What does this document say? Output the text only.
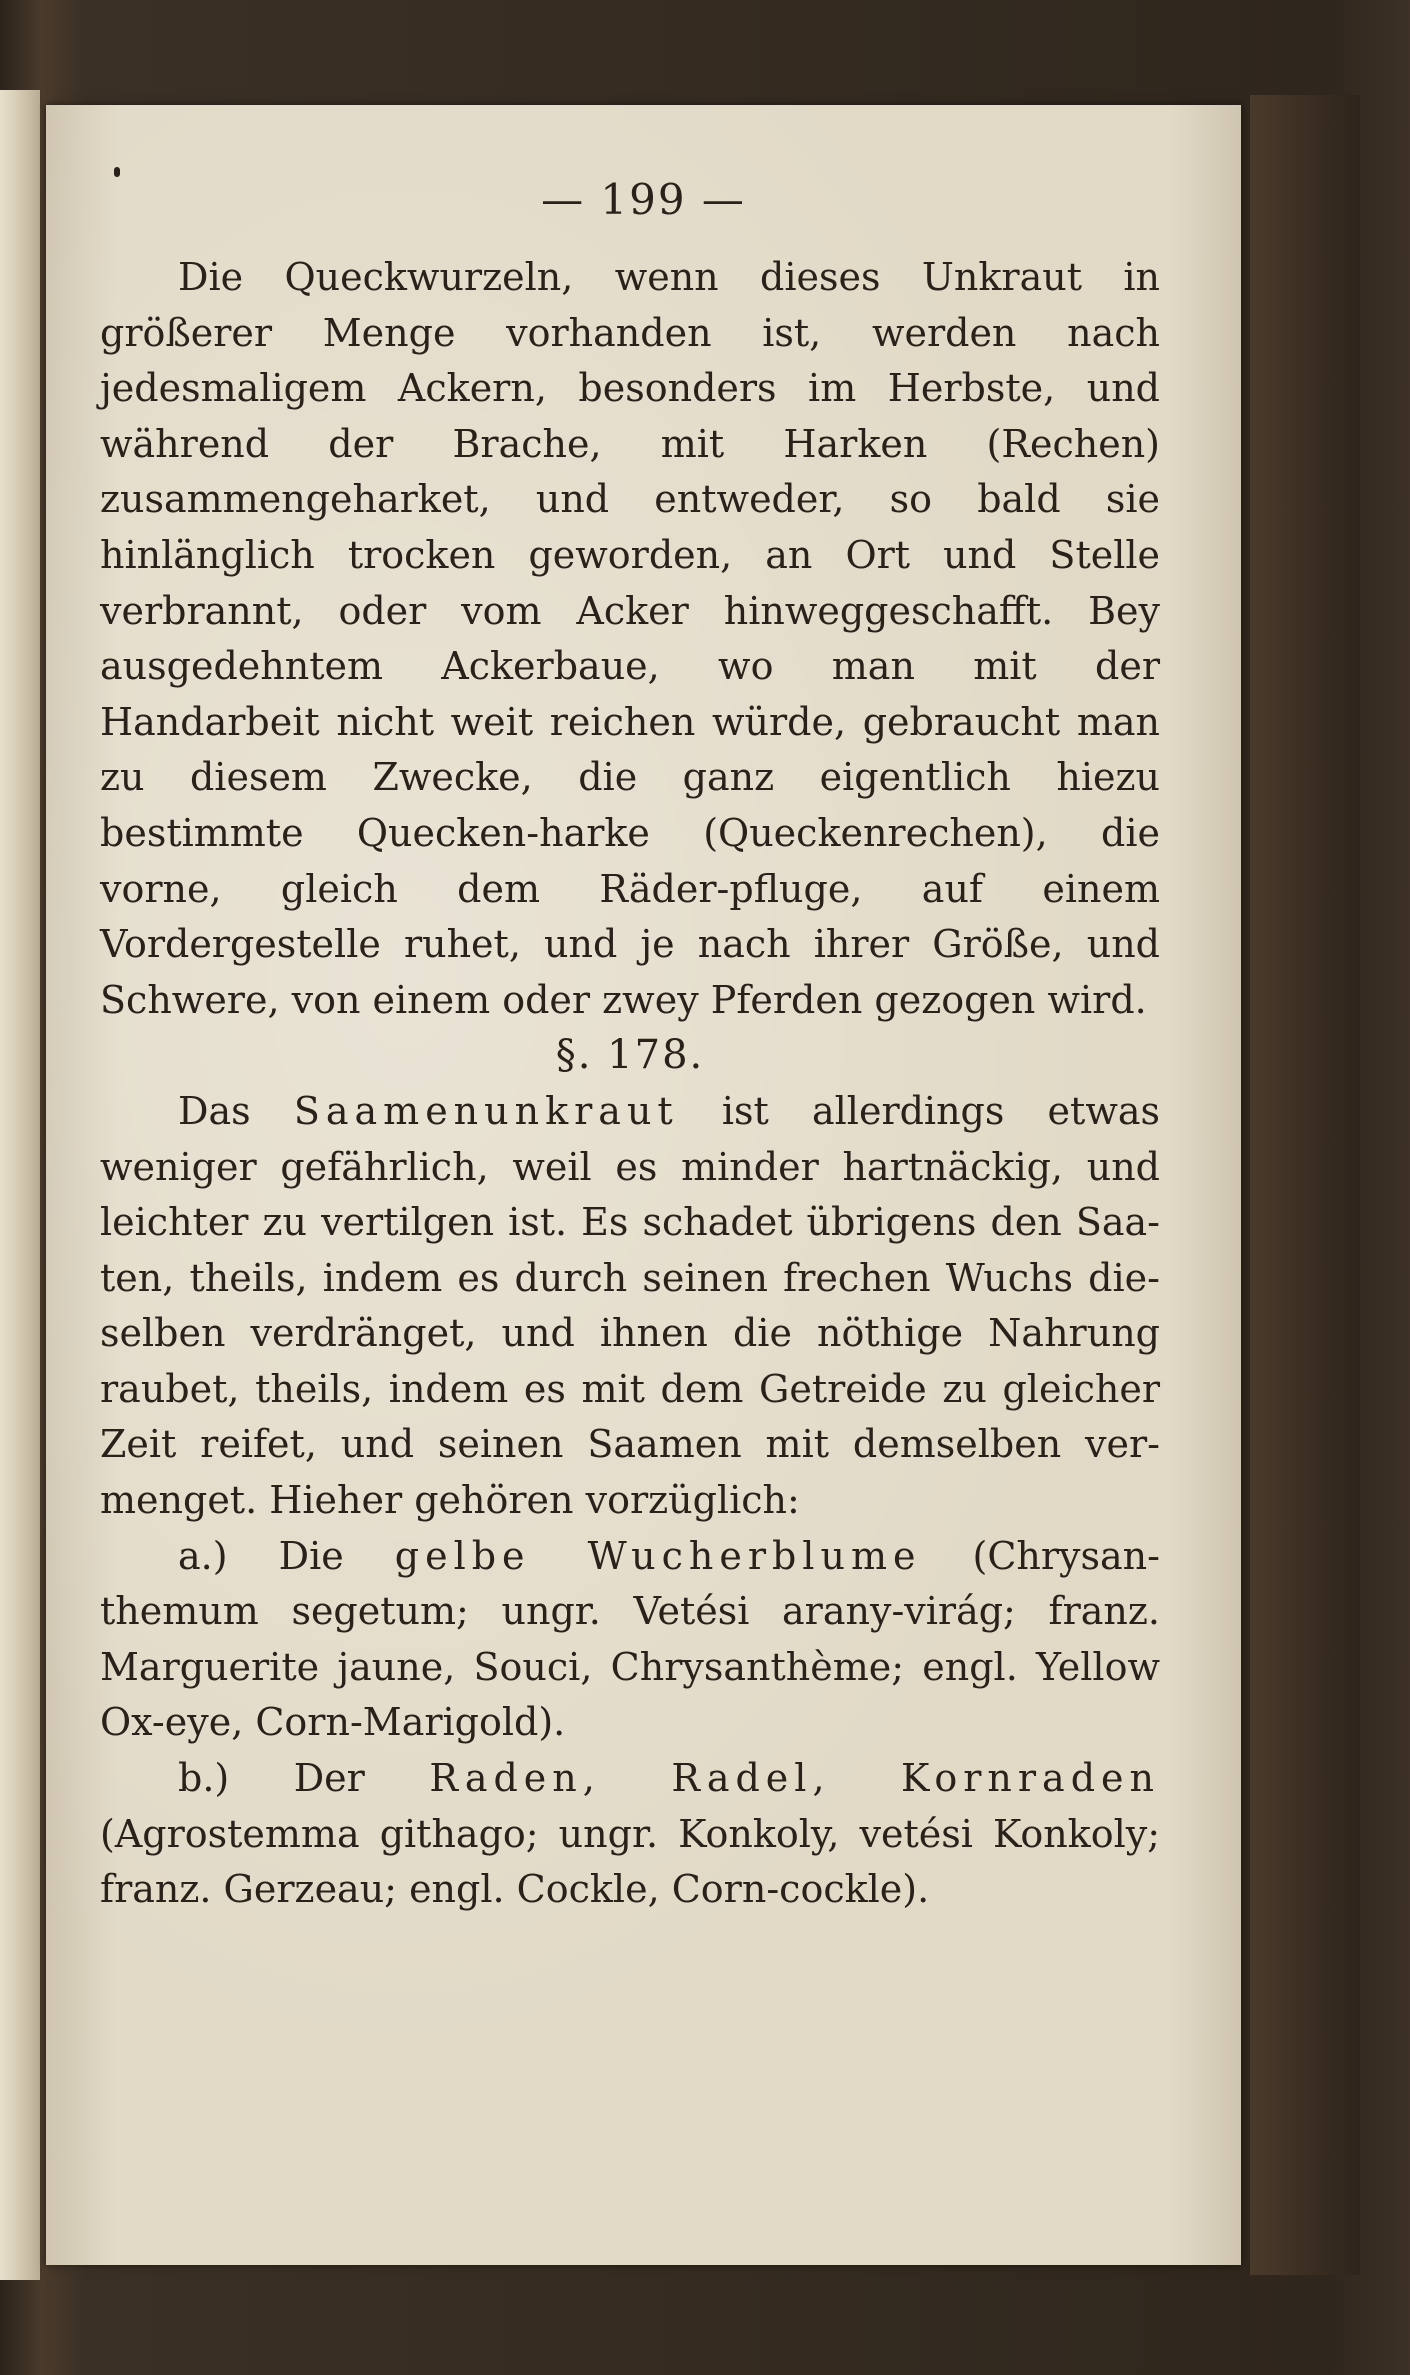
— 199 —

Die Queckwurzeln, wenn dieses Unkraut in größerer Menge vorhanden ist, werden nach jedesmaligem Ackern, besonders im Herbste, und während der Brache, mit Harken (Rechen) zusammengeharket, und entweder, so bald sie hinlänglich trocken geworden, an Ort und Stelle verbrannt, oder vom Acker hinweggeschafft. Bey ausgedehntem Ackerbaue, wo man mit der Handarbeit nicht weit reichen würde, gebraucht man zu diesem Zwecke, die ganz eigentlich hiezu bestimmte Quecken-harke (Queckenrechen), die vorne, gleich dem Räder-pfluge, auf einem Vordergestelle ruhet, und je nach ihrer Größe, und Schwere, von einem oder zwey Pferden gezogen wird.

§. 178.

Das Saamenunkraut ist allerdings etwas weniger gefährlich, weil es minder hartnäckig, und leichter zu vertilgen ist. Es schadet übrigens den Saa-ten, theils, indem es durch seinen frechen Wuchs die-selben verdränget, und ihnen die nöthige Nahrung raubet, theils, indem es mit dem Getreide zu gleicher Zeit reifet, und seinen Saamen mit demselben ver-menget. Hieher gehören vorzüglich:

a.) Die gelbe Wucherblume (Chrysan-themum segetum; ungr. Vetési arany-virág; franz. Marguerite jaune, Souci, Chrysanthème; engl. Yellow Ox-eye, Corn-Marigold).

b.) Der Raden, Radel, Kornraden (Agrostemma githago; ungr. Konkoly, vetési Konkoly; franz. Gerzeau; engl. Cockle, Corn-cockle).
